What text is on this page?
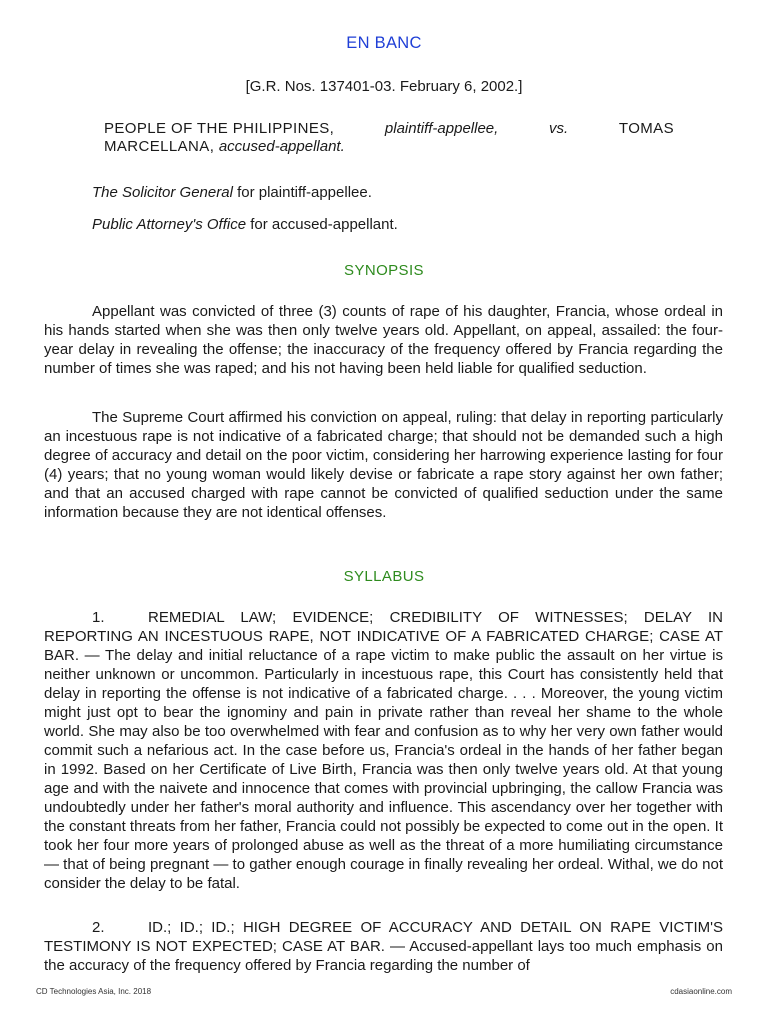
EN BANC
[G.R. Nos. 137401-03. February 6, 2002.]
PEOPLE OF THE PHILIPPINES,	plaintiff-appellee,	vs.	TOMAS
MARCELLANA, accused-appellant.
The Solicitor General for plaintiff-appellee.
Public Attorney's Office for accused-appellant.
SYNOPSIS
Appellant was convicted of three (3) counts of rape of his daughter, Francia, whose ordeal in his hands started when she was then only twelve years old. Appellant, on appeal, assailed: the four-year delay in revealing the offense; the inaccuracy of the frequency offered by Francia regarding the number of times she was raped; and his not having been held liable for qualified seduction.
The Supreme Court affirmed his conviction on appeal, ruling: that delay in reporting particularly an incestuous rape is not indicative of a fabricated charge; that should not be demanded such a high degree of accuracy and detail on the poor victim, considering her harrowing experience lasting for four (4) years; that no young woman would likely devise or fabricate a rape story against her own father; and that an accused charged with rape cannot be convicted of qualified seduction under the same information because they are not identical offenses.
SYLLABUS
1.	REMEDIAL LAW; EVIDENCE; CREDIBILITY OF WITNESSES; DELAY IN REPORTING AN INCESTUOUS RAPE, NOT INDICATIVE OF A FABRICATED CHARGE; CASE AT BAR. — The delay and initial reluctance of a rape victim to make public the assault on her virtue is neither unknown or uncommon. Particularly in incestuous rape, this Court has consistently held that delay in reporting the offense is not indicative of a fabricated charge. . . . Moreover, the young victim might just opt to bear the ignominy and pain in private rather than reveal her shame to the whole world. She may also be too overwhelmed with fear and confusion as to why her very own father would commit such a nefarious act. In the case before us, Francia's ordeal in the hands of her father began in 1992. Based on her Certificate of Live Birth, Francia was then only twelve years old. At that young age and with the naivete and innocence that comes with provincial upbringing, the callow Francia was undoubtedly under her father's moral authority and influence. This ascendancy over her together with the constant threats from her father, Francia could not possibly be expected to come out in the open. It took her four more years of prolonged abuse as well as the threat of a more humiliating circumstance — that of being pregnant — to gather enough courage in finally revealing her ordeal. Withal, we do not consider the delay to be fatal.
2.	ID.; ID.; ID.; HIGH DEGREE OF ACCURACY AND DETAIL ON RAPE VICTIM'S TESTIMONY IS NOT EXPECTED; CASE AT BAR. — Accused-appellant lays too much emphasis on the accuracy of the frequency offered by Francia regarding the number of
CD Technologies Asia, Inc. 2018	cdasiaonline.com
